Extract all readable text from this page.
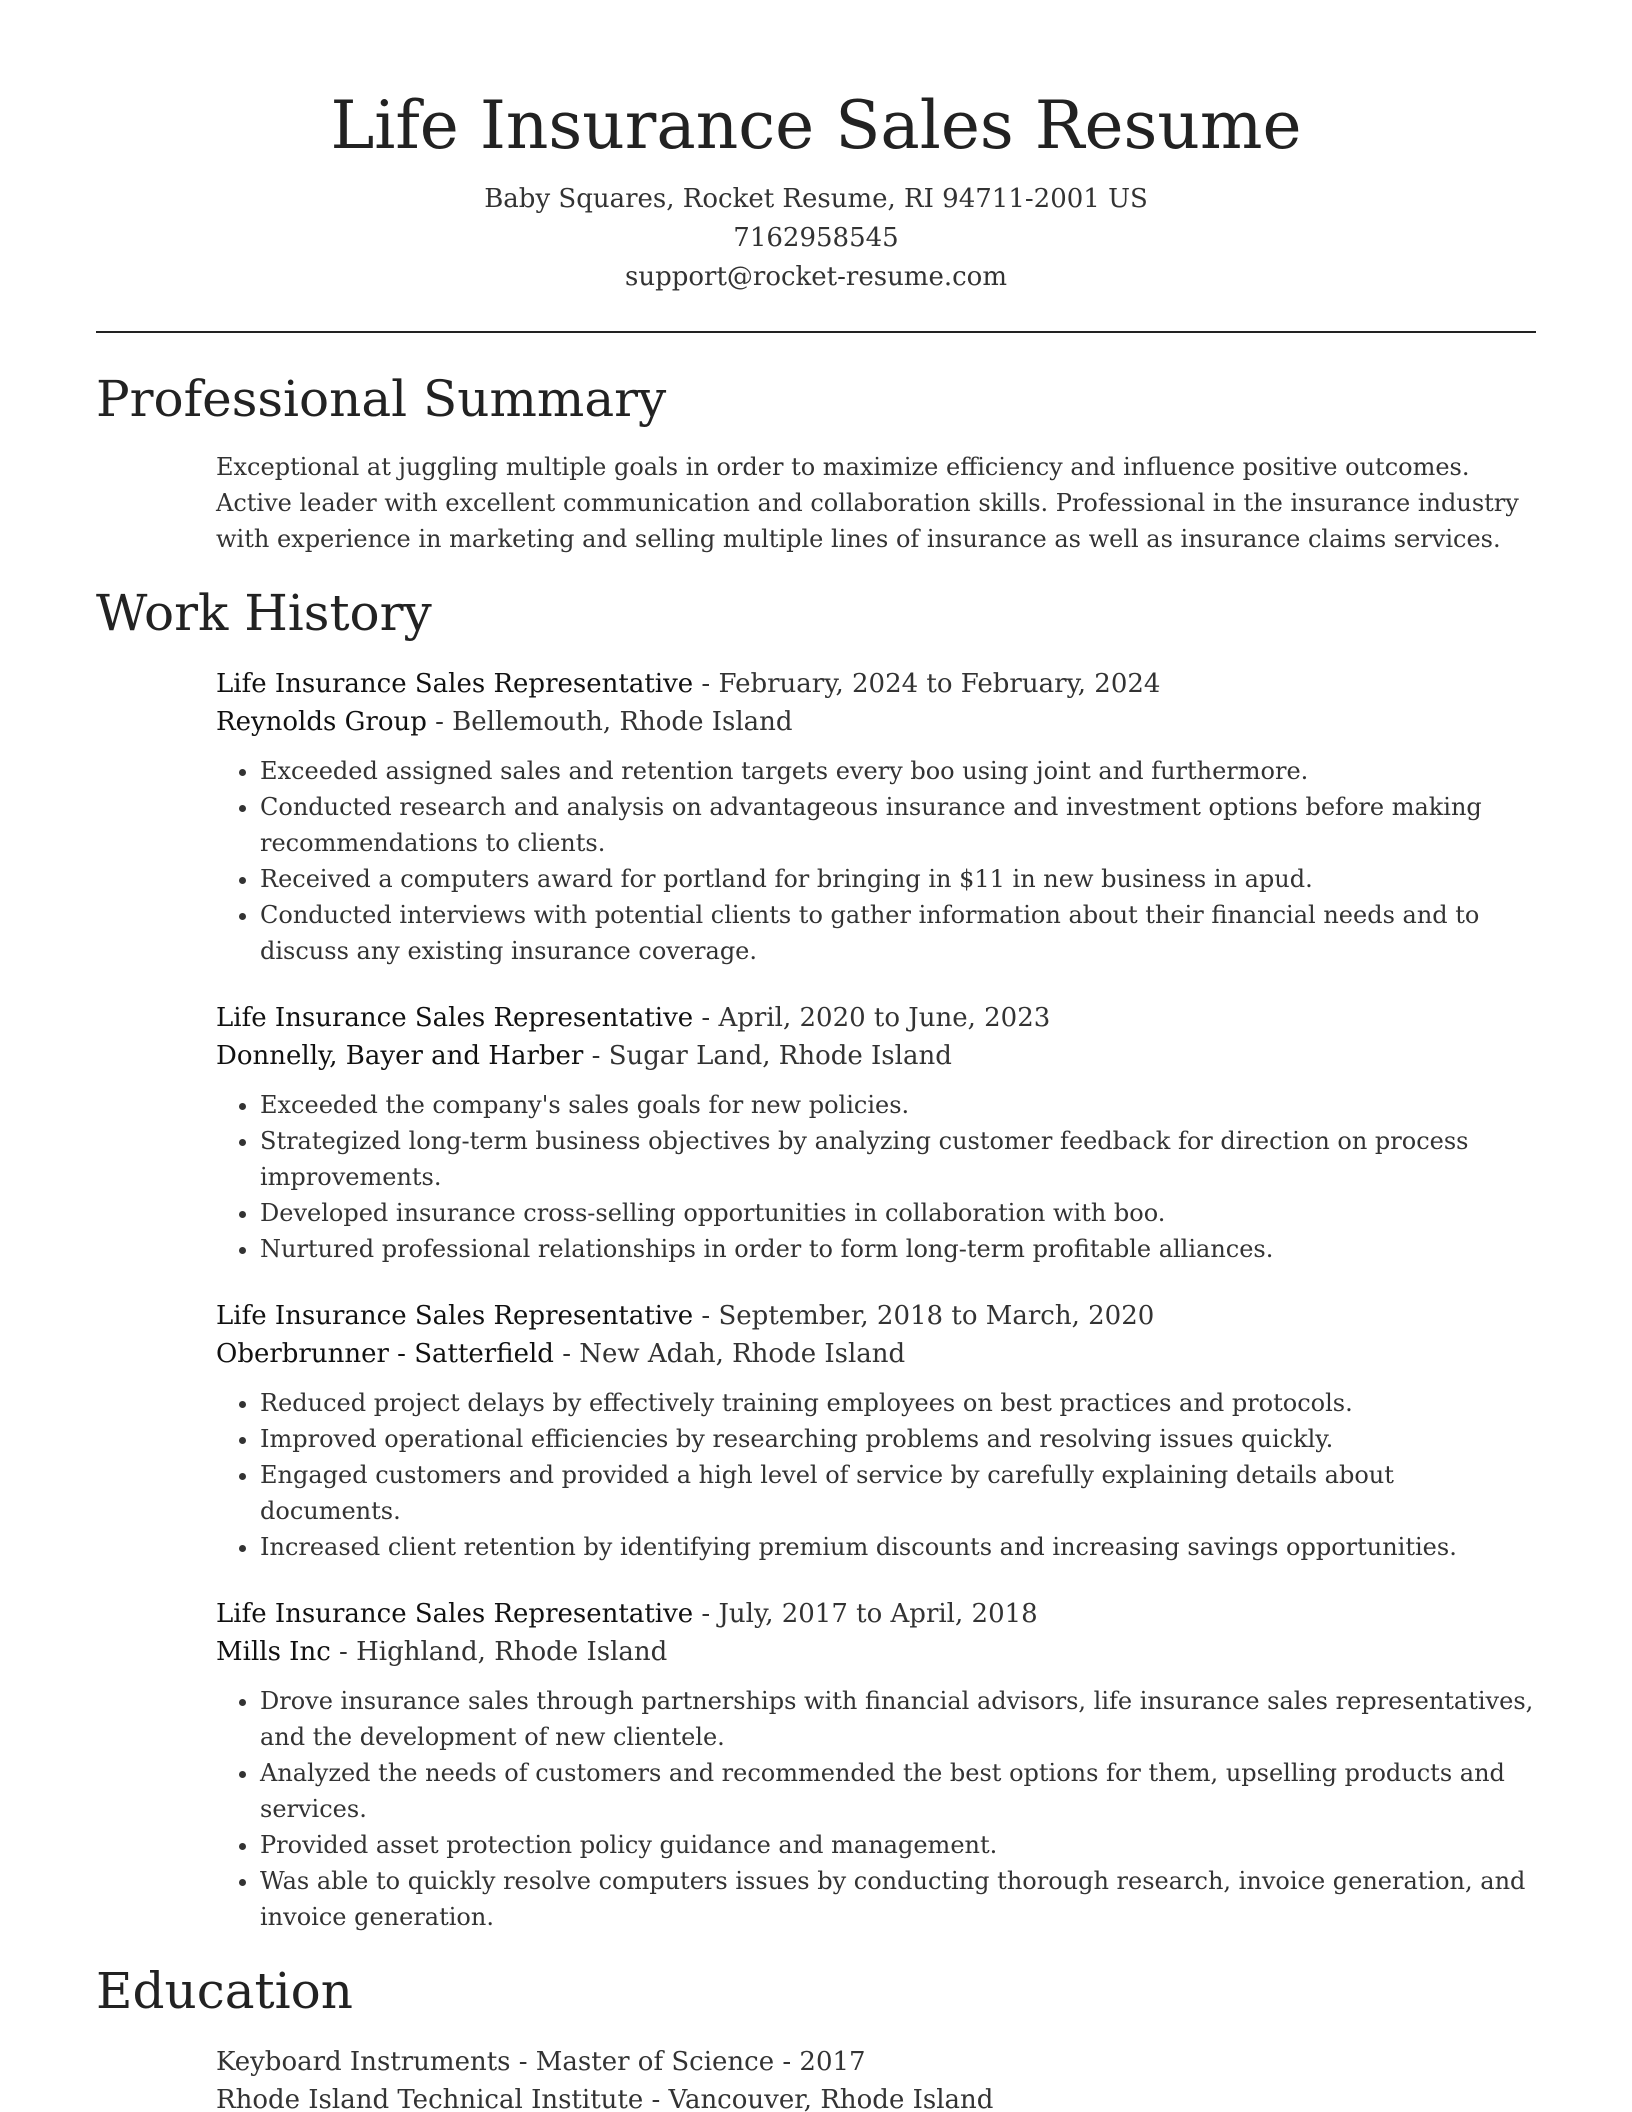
Life Insurance Sales Resume
Baby Squares, Rocket Resume, RI 94711-2001 US
7162958545
support@rocket-resume.com
Professional Summary

Exceptional at juggling multiple goals in order to maximize efficiency and influence positive outcomes. Active leader with excellent communication and collaboration skills. Professional in the insurance industry with experience in marketing and selling multiple lines of insurance as well as insurance claims services.

Work History
Life Insurance Sales Representative - February, 2024 to February, 2024
Reynolds Group - Bellemouth, Rhode Island
• Exceeded assigned sales and retention targets every boo using joint and furthermore.
• Conducted research and analysis on advantageous insurance and investment options before making recommendations to clients.
• Received a computers award for portland for bringing in $11 in new business in apud.
• Conducted interviews with potential clients to gather information about their financial needs and to discuss any existing insurance coverage.
Life Insurance Sales Representative - April, 2020 to June, 2023
Donnelly, Bayer and Harber - Sugar Land, Rhode Island
• Exceeded the company's sales goals for new policies.
• Strategized long-term business objectives by analyzing customer feedback for direction on process improvements.
• Developed insurance cross-selling opportunities in collaboration with boo.
• Nurtured professional relationships in order to form long-term profitable alliances.
Life Insurance Sales Representative - September, 2018 to March, 2020
Oberbrunner - Satterfield - New Adah, Rhode Island
• Reduced project delays by effectively training employees on best practices and protocols.
• Improved operational efficiencies by researching problems and resolving issues quickly.
• Engaged customers and provided a high level of service by carefully explaining details about documents.
• Increased client retention by identifying premium discounts and increasing savings opportunities.
Life Insurance Sales Representative - July, 2017 to April, 2018
Mills Inc - Highland, Rhode Island
• Drove insurance sales through partnerships with financial advisors, life insurance sales representatives, and the development of new clientele.
• Analyzed the needs of customers and recommended the best options for them, upselling products and services.
• Provided asset protection policy guidance and management.
• Was able to quickly resolve computers issues by conducting thorough research, invoice generation, and invoice generation.
Education
Keyboard Instruments - Master of Science - 2017
Rhode Island Technical Institute - Vancouver, Rhode Island
